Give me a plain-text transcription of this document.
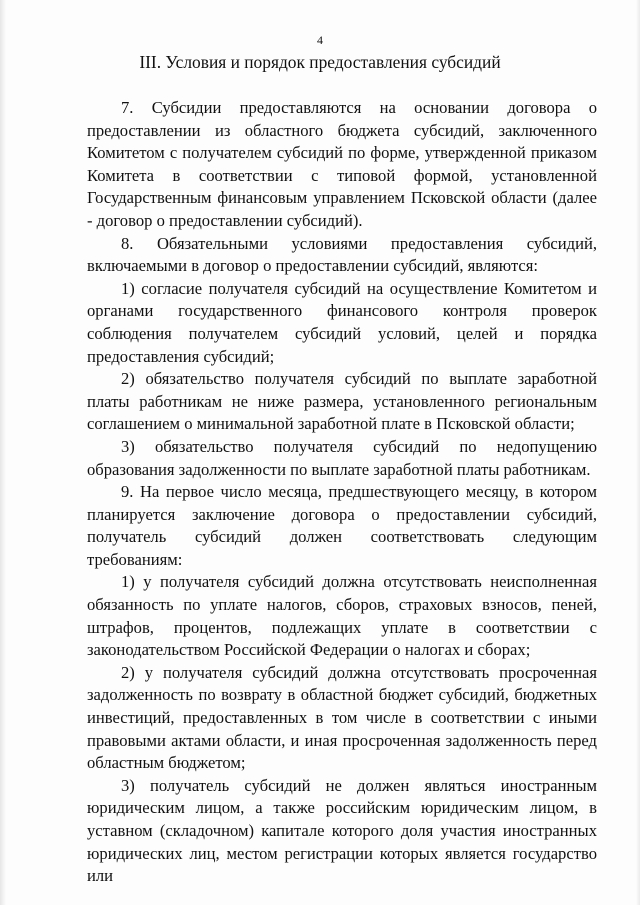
4
III. Условия и порядок предоставления субсидий

7. Субсидии предоставляются на основании договора о предоставлении из областного бюджета субсидий, заключенного Комитетом с получателем субсидий по форме, утвержденной приказом Комитета в соответствии с типовой формой, установленной Государственным финансовым управлением Псковской области (далее - договор о предоставлении субсидий).

8. Обязательными условиями предоставления субсидий, включаемыми в договор о предоставлении субсидий, являются:

1) согласие получателя субсидий на осуществление Комитетом и органами государственного финансового контроля проверок соблюдения получателем субсидий условий, целей и порядка предоставления субсидий;

2) обязательство получателя субсидий по выплате заработной платы работникам не ниже размера, установленного региональным соглашением о минимальной заработной плате в Псковской области;

3) обязательство получателя субсидий по недопущению образования задолженности по выплате заработной платы работникам.

9. На первое число месяца, предшествующего месяцу, в котором планируется заключение договора о предоставлении субсидий, получатель субсидий должен соответствовать следующим требованиям:

1) у получателя субсидий должна отсутствовать неисполненная обязанность по уплате налогов, сборов, страховых взносов, пеней, штрафов, процентов, подлежащих уплате в соответствии с законодательством Российской Федерации о налогах и сборах;

2) у получателя субсидий должна отсутствовать просроченная задолженность по возврату в областной бюджет субсидий, бюджетных инвестиций, предоставленных в том числе в соответствии с иными правовыми актами области, и иная просроченная задолженность перед областным бюджетом;

3) получатель субсидий не должен являться иностранным юридическим лицом, а также российским юридическим лицом, в уставном (складочном) капитале которого доля участия иностранных юридических лиц, местом регистрации которых является государство или
